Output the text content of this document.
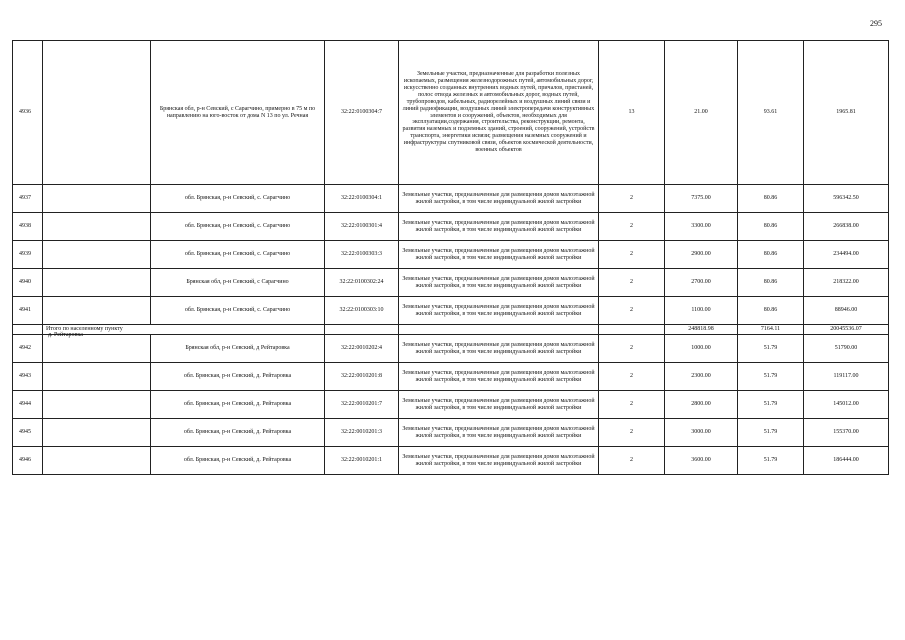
295
4936		Брянская обл, р-н Севский, с Сарагчино, примерно в 75 м по направлению на юго-восток от дома N 13 по ул. Речная	32:22:0100304:7	Земельные участки, предназначенные для разработки полезных ископаемых, размещения железнодорожных путей, автомобильных дорог, искусственно созданных внутренних водных путей, причалов, пристаней, полос отвода железных и автомобильных дорог, водных путей, трубопроводов, кабельных, радиорелейных и воздушных линий связи и линий радиофикации, воздушных линий электропередачи конструктивных элементов и сооружений, объектов, необходимых для эксплуатации,содержания, строительства, реконструкции, ремонта, развития наземных и подземных зданий, строений, сооружений, устройств транспорта, энергетики исвязи; размещения наземных сооружений и инфраструктуры спутниковой связи, объектов космической деятельности, военных объектов	13	21.00	93.61	1965.81
4937		обл. Брянская, р-н Севский, с. Сарагчино	32:22:0100304:1	Земельные участки, предназначенные для размещения домов малоэтажной жилой застройки, в том числе индивидуальной жилой застройки	2	7375.00	80.86	596342.50
4938		обл. Брянская, р-н Севский, с. Сарагчино	32:22:0100301:4	Земельные участки, предназначенные для размещения домов малоэтажной жилой застройки, в том числе индивидуальной жилой застройки	2	3300.00	80.86	266838.00
4939		обл. Брянская, р-н Севский, с. Сарагчино	32:22:0100303:3	Земельные участки, предназначенные для размещения домов малоэтажной жилой застройки, в том числе индивидуальной жилой застройки	2	2900.00	80.86	234494.00
4940		Брянская обл, р-н Севский, с Сарагчино	32:22:0100302:24	Земельные участки, предназначенные для размещения домов малоэтажной жилой застройки, в том числе индивидуальной жилой застройки	2	2700.00	80.86	218322.00
4941		обл. Брянская, р-н Севский, с. Сарагчино	32:22:0100303:10	Земельные участки, предназначенные для размещения домов малоэтажной жилой застройки, в том числе индивидуальной жилой застройки	2	1100.00	80.86	88946.00
	Итого по населенному пункту					248818.98	7164.11	20045536.07
4942		Брянская обл, р-н Севский, д Рейтаровка	32:22:0010202:4	Земельные участки, предназначенные для размещения домов малоэтажной жилой застройки, в том числе индивидуальной жилой застройки	2	1000.00	51.79	51790.00
4943		обл. Брянская, р-н Севский, д. Рейтаровка	32:22:0010201:8	Земельные участки, предназначенные для размещения домов малоэтажной жилой застройки, в том числе индивидуальной жилой застройки	2	2300.00	51.79	119117.00
4944		обл. Брянская, р-н Севский, д. Рейтаровка	32:22:0010201:7	Земельные участки, предназначенные для размещения домов малоэтажной жилой застройки, в том числе индивидуальной жилой застройки	2	2800.00	51.79	145012.00
4945		обл. Брянская, р-н Севский, д. Рейтаровка	32:22:0010201:3	Земельные участки, предназначенные для размещения домов малоэтажной жилой застройки, в том числе индивидуальной жилой застройки	2	3000.00	51.79	155370.00
4946		обл. Брянская, р-н Севский, д. Рейтаровка	32:22:0010201:1	Земельные участки, предназначенные для размещения домов малоэтажной жилой застройки, в том числе индивидуальной жилой застройки	2	3600.00	51.79	186444.00
д. Рейтаровка
